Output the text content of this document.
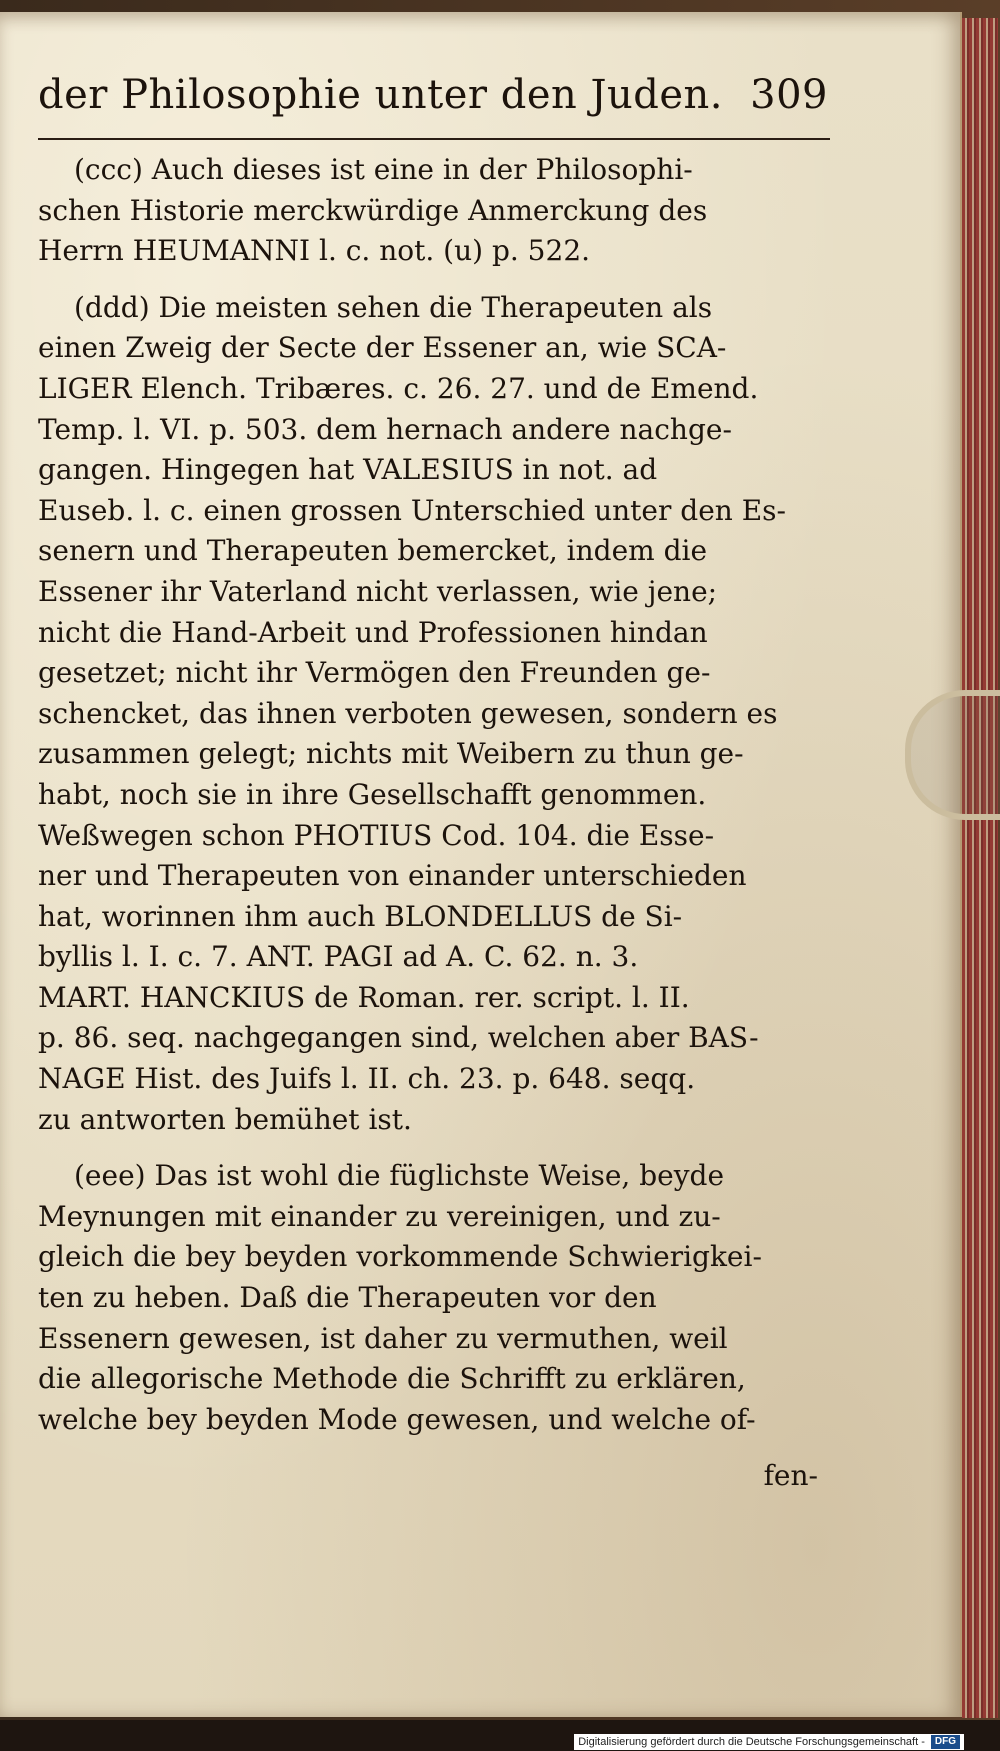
der Philosophie unter den Juden. 309
(ccc) Auch dieses ist eine in der Philosophi-
schen Historie merckwürdige Anmerckung des
Herrn HEUMANNI l. c. not. (u) p. 522.
(ddd) Die meisten sehen die Therapeuten als
einen Zweig der Secte der Essener an, wie SCA-
LIGER Elench. Tribæres. c. 26. 27. und de Emend.
Temp. l. VI. p. 503. dem hernach andere nachge-
gangen. Hingegen hat VALESIUS in not. ad
Euseb. l. c. einen grossen Unterschied unter den Es-
senern und Therapeuten bemercket, indem die
Essener ihr Vaterland nicht verlassen, wie jene;
nicht die Hand-Arbeit und Professionen hindan
gesetzet; nicht ihr Vermögen den Freunden ge-
schencket, das ihnen verboten gewesen, sondern es
zusammen gelegt; nichts mit Weibern zu thun ge-
habt, noch sie in ihre Gesellschafft genommen.
Weßwegen schon PHOTIUS Cod. 104. die Esse-
ner und Therapeuten von einander unterschieden
hat, worinnen ihm auch BLONDELLUS de Si-
byllis l. I. c. 7. ANT. PAGI ad A. C. 62. n. 3.
MART. HANCKIUS de Roman. rer. script. l. II.
p. 86. seq. nachgegangen sind, welchen aber BAS-
NAGE Hist. des Juifs l. II. ch. 23. p. 648. seqq.
zu antworten bemühet ist.
(eee) Das ist wohl die füglichste Weise, beyde
Meynungen mit einander zu vereinigen, und zu-
gleich die bey beyden vorkommende Schwierigkei-
ten zu heben. Daß die Therapeuten vor den
Essenern gewesen, ist daher zu vermuthen, weil
die allegorische Methode die Schrifft zu erklären,
welche bey beyden Mode gewesen, und welche of-
fen-
Digitalisierung gefördert durch die Deutsche Forschungsgemeinschaft -	DFG
